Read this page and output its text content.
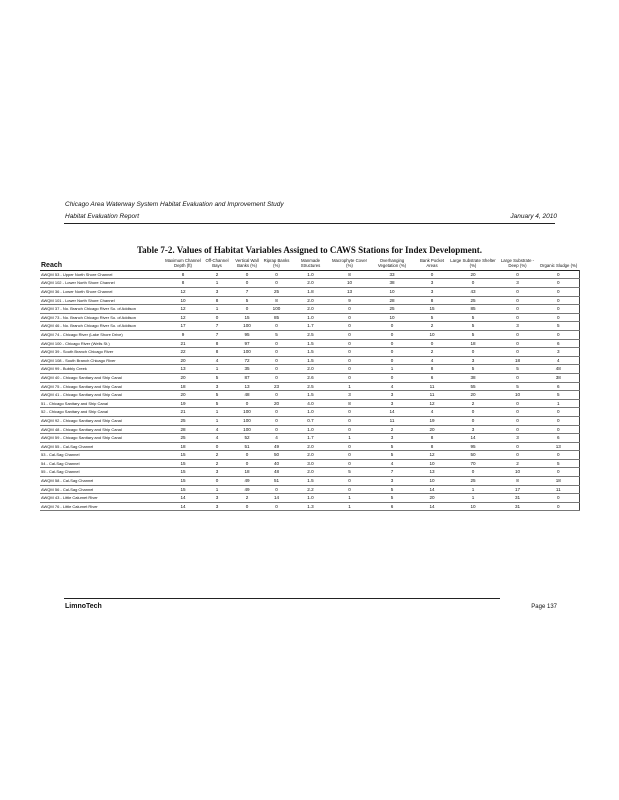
Chicago Area Waterway System Habitat Evaluation and Improvement Study
Habitat Evaluation Report	January 4, 2010
Table 7-2. Values of Habitat Variables Assigned to CAWS Stations for Index Development.
Reach	Maximum Channel Depth (ft)	Off-Channel Bays	Vertical Wall Banks (%)	Riprap Banks (%)	Manmade Structures	Macrophyte Cover (%)	Overhanging Vegetation (%)	Bank Pocket Areas	Large Substrate Shelter (%)	Large Substrate - Deep (%)	Organic Sludge (%)
AWQM 53 - Upper North Shore Channel	8	2	0	0	1.0	8	33	0	20	0	0
AWQM 102 - Lower North Shore Channel	8	1	0	0	2.0	10	38	3	0	3	0
AWQM 36 - Lower North Shore Channel	12	3	7	25	1.8	13	10	3	43	0	0
AWQM 101 - Lower North Shore Channel	10	8	5	8	2.0	9	28	8	25	0	0
AWQM 37 - No. Branch Chicago River So. of Addison	12	1	0	100	2.0	0	25	15	85	0	0
AWQM 73 - No. Branch Chicago River So. of Addison	12	0	15	85	1.0	0	10	5	5	0	0
AWQM 46 - No. Branch Chicago River So. of Addison	17	7	100	0	1.7	0	0	2	5	3	5
AWQM 74 - Chicago River (Lake Shore Drive)	9	7	95	5	2.5	0	0	10	5	0	0
AWQM 100 - Chicago River (Wells St.)	21	8	97	0	1.5	0	0	0	18	0	6
AWQM 39 - South Branch Chicago River	22	8	100	0	1.5	0	0	2	0	0	3
AWQM 108 - South Branch Chicago River	20	4	72	0	1.5	0	0	4	3	18	4
AWQM 99 - Bubbly Creek	13	1	35	0	2.0	0	1	8	5	5	48
AWQM 40 - Chicago Sanitary and Ship Canal	20	5	87	0	2.6	0	0	6	38	0	38
AWQM 75 - Chicago Sanitary and Ship Canal	18	3	13	23	2.5	1	4	11	55	5	6
AWQM 41 - Chicago Sanitary and Ship Canal	20	5	48	0	1.5	3	3	11	20	10	5
51 - Chicago Sanitary and Ship Canal	19	5	0	20	4.0	8	3	12	2	0	1
52 - Chicago Sanitary and Ship Canal	21	1	100	0	1.0	0	14	4	0	0	0
AWQM 92 - Chicago Sanitary and Ship Canal	25	1	100	0	0.7	0	11	19	0	0	0
AWQM 48 - Chicago Sanitary and Ship Canal	28	4	100	0	1.0	0	2	20	3	0	0
AWQM 59 - Chicago Sanitary and Ship Canal	25	4	52	4	1.7	1	3	8	14	3	6
AWQM 55 - Cal-Sag Channel	18	0	51	49	2.0	0	5	8	95	0	13
53 - Cal-Sag Channel	15	2	0	50	2.0	0	5	12	50	0	0
54 - Cal-Sag Channel	15	2	0	40	3.0	0	4	10	70	2	5
55 - Cal-Sag Channel	15	3	18	48	2.0	5	7	13	0	10	0
AWQM 58 - Cal-Sag Channel	15	0	49	51	1.5	0	3	10	25	8	18
AWQM 56 - Cal-Sag Channel	15	1	49	0	2.2	0	5	14	1	17	11
AWQM 43 - Little Calumet River	14	3	2	14	1.0	1	5	20	1	31	0
AWQM 76 - Little Calumet River	14	3	0	0	1.3	1	6	14	10	31	0
LimnoTech	Page 137
